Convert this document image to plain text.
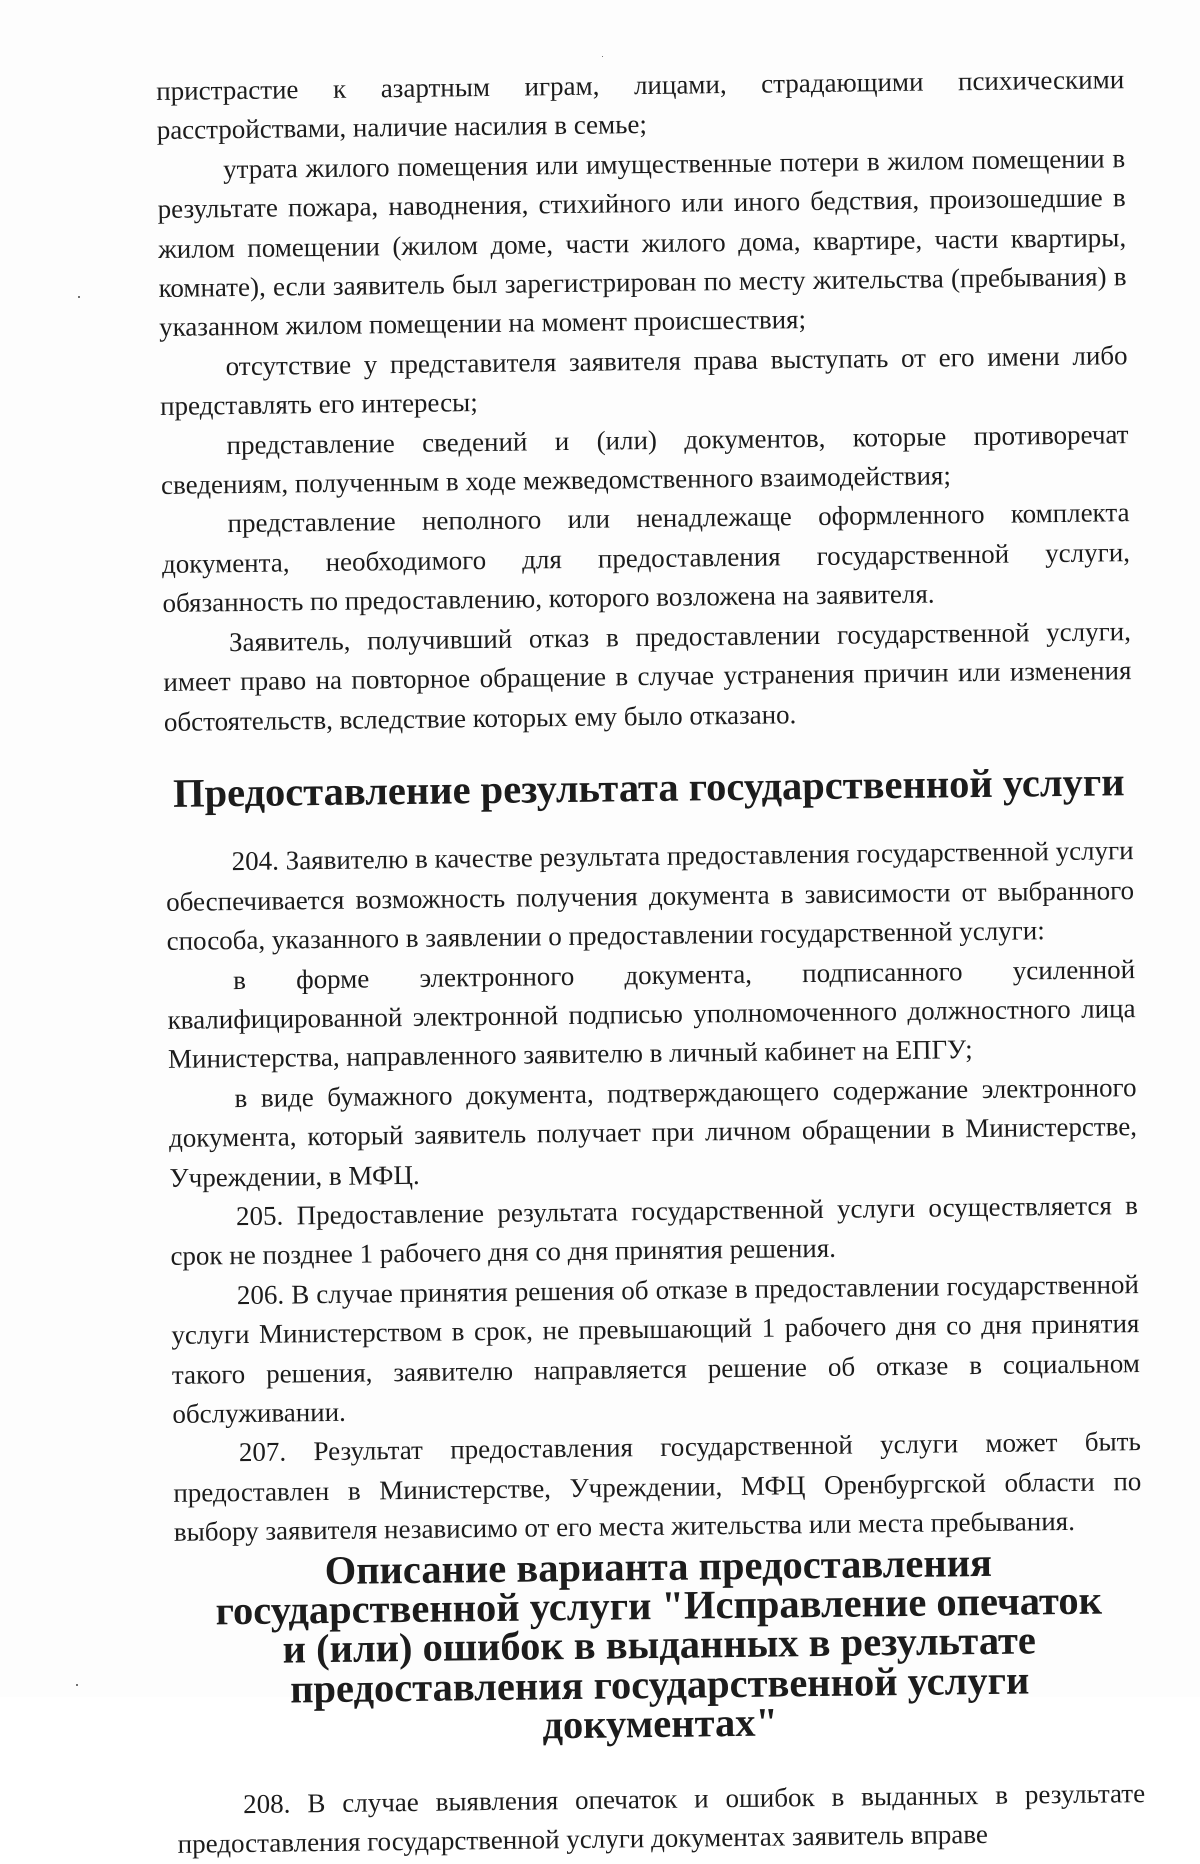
пристрастие к азартным играм, лицами, страдающими психическими расстройствами, наличие насилия в семье;

утрата жилого помещения или имущественные потери в жилом помещении в результате пожара, наводнения, стихийного или иного бедствия, произошедшие в жилом помещении (жилом доме, части жилого дома, квартире, части квартиры, комнате), если заявитель был зарегистрирован по месту жительства (пребывания) в указанном жилом помещении на момент происшествия;

отсутствие у представителя заявителя права выступать от его имени либо представлять его интересы;

представление сведений и (или) документов, которые противоречат сведениям, полученным в ходе межведомственного взаимодействия;

представление неполного или ненадлежаще оформленного комплекта документа, необходимого для предоставления государственной услуги, обязанность по предоставлению, которого возложена на заявителя.

Заявитель, получивший отказ в предоставлении государственной услуги, имеет право на повторное обращение в случае устранения причин или изменения обстоятельств, вследствие которых ему было отказано.

Предоставление результата государственной услуги

204. Заявителю в качестве результата предоставления государственной услуги обеспечивается возможность получения документа в зависимости от выбранного способа, указанного в заявлении о предоставлении государственной услуги:

в форме электронного документа, подписанного усиленной квалифицированной электронной подписью уполномоченного должностного лица Министерства, направленного заявителю в личный кабинет на ЕПГУ;

в виде бумажного документа, подтверждающего содержание электронного документа, который заявитель получает при личном обращении в Министерстве, Учреждении, в МФЦ.

205. Предоставление результата государственной услуги осуществляется в срок не позднее 1 рабочего дня со дня принятия решения.

206. В случае принятия решения об отказе в предоставлении государственной услуги Министерством в срок, не превышающий 1 рабочего дня со дня принятия такого решения, заявителю направляется решение об отказе в социальном обслуживании.

207. Результат предоставления государственной услуги может быть предоставлен в Министерстве, Учреждении, МФЦ Оренбургской области по выбору заявителя независимо от его места жительства или места пребывания.

Описание варианта предоставления
государственной услуги "Исправление опечаток
и (или) ошибок в выданных в результате
предоставления государственной услуги документах"

208. В случае выявления опечаток и ошибок в выданных в результате предоставления государственной услуги документах заявитель вправе
